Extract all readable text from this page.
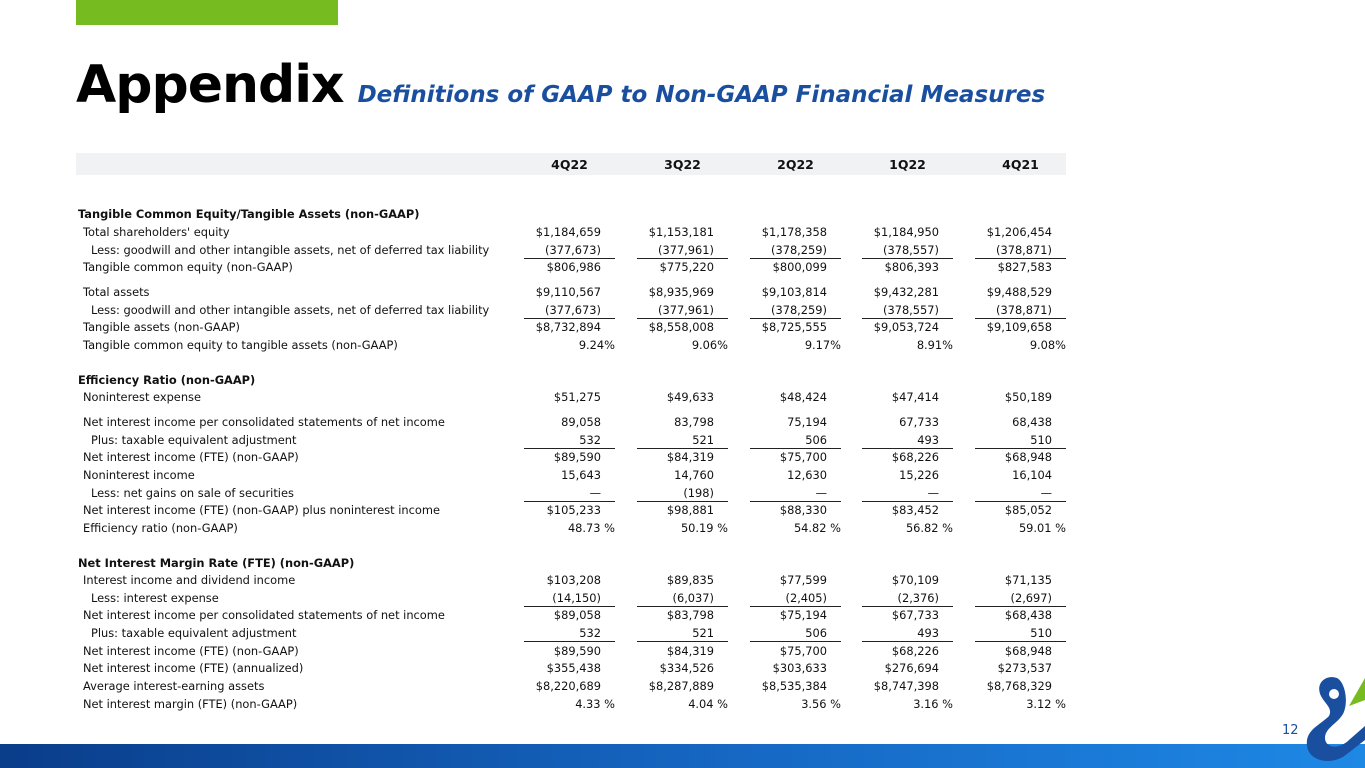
Appendix Definitions of GAAP to Non-GAAP Financial Measures
4Q22	3Q22	2Q22	1Q22	4Q21
Tangible Common Equity/Tangible Assets (non-GAAP)
Total shareholders' equity	$1,184,659	$1,153,181	$1,178,358	$1,184,950	$1,206,454
Less: goodwill and other intangible assets, net of deferred tax liability	(377,673)	(377,961)	(378,259)	(378,557)	(378,871)
Tangible common equity (non-GAAP)	$806,986	$775,220	$800,099	$806,393	$827,583
Total assets	$9,110,567	$8,935,969	$9,103,814	$9,432,281	$9,488,529
Less: goodwill and other intangible assets, net of deferred tax liability	(377,673)	(377,961)	(378,259)	(378,557)	(378,871)
Tangible assets (non-GAAP)	$8,732,894	$8,558,008	$8,725,555	$9,053,724	$9,109,658
Tangible common equity to tangible assets (non-GAAP)	9.24%	9.06%	9.17%	8.91%	9.08%
Efficiency Ratio (non-GAAP)
Noninterest expense	$51,275	$49,633	$48,424	$47,414	$50,189
Net interest income per consolidated statements of net income	89,058	83,798	75,194	67,733	68,438
Plus: taxable equivalent adjustment	532	521	506	493	510
Net interest income (FTE) (non-GAAP)	$89,590	$84,319	$75,700	$68,226	$68,948
Noninterest income	15,643	14,760	12,630	15,226	16,104
Less: net gains on sale of securities	—	(198)	—	—	—
Net interest income (FTE) (non-GAAP) plus noninterest income	$105,233	$98,881	$88,330	$83,452	$85,052
Efficiency ratio (non-GAAP)	48.73 %	50.19 %	54.82 %	56.82 %	59.01 %
Net Interest Margin Rate (FTE) (non-GAAP)
Interest income and dividend income	$103,208	$89,835	$77,599	$70,109	$71,135
Less: interest expense	(14,150)	(6,037)	(2,405)	(2,376)	(2,697)
Net interest income per consolidated statements of net income	$89,058	$83,798	$75,194	$67,733	$68,438
Plus: taxable equivalent adjustment	532	521	506	493	510
Net interest income (FTE) (non-GAAP)	$89,590	$84,319	$75,700	$68,226	$68,948
Net interest income (FTE) (annualized)	$355,438	$334,526	$303,633	$276,694	$273,537
Average interest-earning assets	$8,220,689	$8,287,889	$8,535,384	$8,747,398	$8,768,329
Net interest margin (FTE) (non-GAAP)	4.33 %	4.04 %	3.56 %	3.16 %	3.12 %
12
